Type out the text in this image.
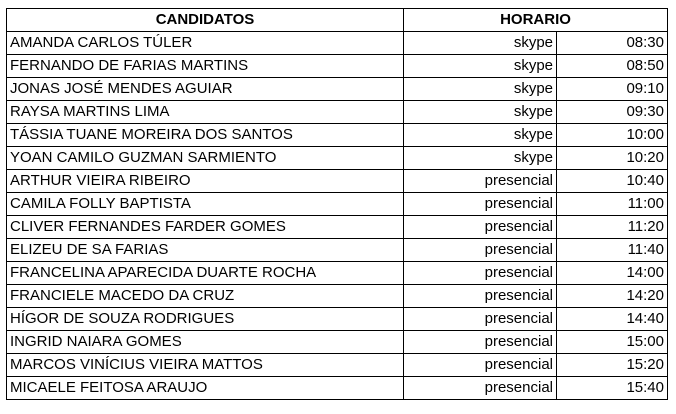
CANDIDATOS	HORARIO	
AMANDA CARLOS TÚLER	skype	08:30
FERNANDO DE FARIAS MARTINS	skype	08:50
JONAS JOSÉ MENDES AGUIAR	skype	09:10
RAYSA MARTINS LIMA	skype	09:30
TÁSSIA TUANE MOREIRA DOS SANTOS	skype	10:00
YOAN CAMILO GUZMAN SARMIENTO	skype	10:20
ARTHUR VIEIRA RIBEIRO	presencial	10:40
CAMILA FOLLY BAPTISTA	presencial	11:00
CLIVER FERNANDES FARDER GOMES	presencial	11:20
ELIZEU DE SA FARIAS	presencial	11:40
FRANCELINA APARECIDA DUARTE ROCHA	presencial	14:00
FRANCIELE MACEDO DA CRUZ	presencial	14:20
HÍGOR DE SOUZA RODRIGUES	presencial	14:40
INGRID NAIARA GOMES	presencial	15:00
MARCOS VINÍCIUS VIEIRA MATTOS	presencial	15:20
MICAELE FEITOSA ARAUJO	presencial	15:40
